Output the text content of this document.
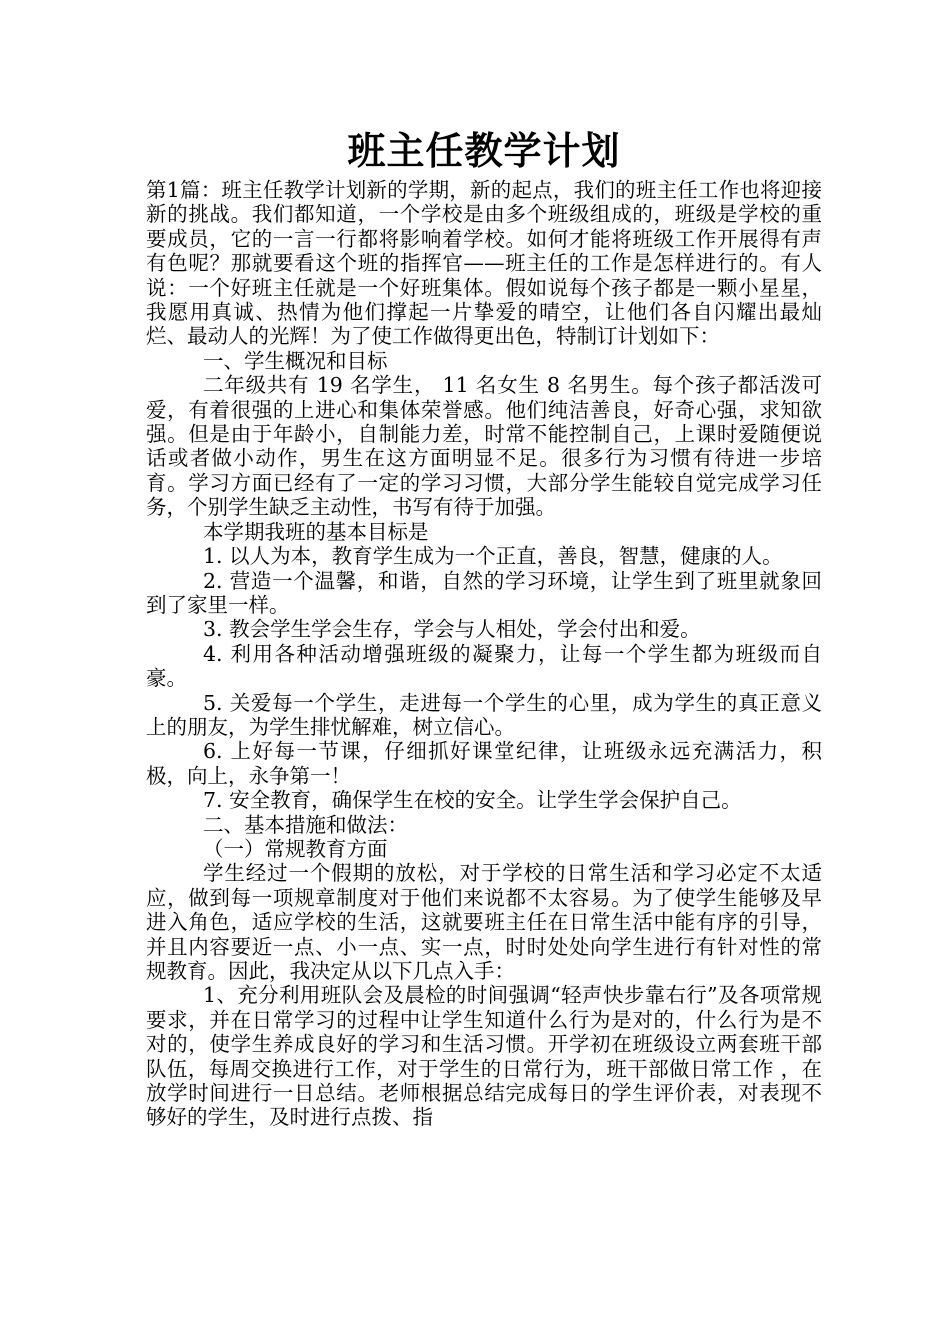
班主任教学计划

第1篇：班主任教学计划新的学期，新的起点，我们的班主任工作也将迎接新的挑战。我们都知道，一个学校是由多个班级组成的，班级是学校的重要成员，它的一言一行都将影响着学校。如何才能将班级工作开展得有声有色呢？那就要看这个班的指挥官——班主任的工作是怎样进行的。有人说：一个好班主任就是一个好班集体。假如说每个孩子都是一颗小星星，我愿用真诚、热情为他们撑起一片挚爱的晴空，让他们各自闪耀出最灿烂、最动人的光辉！为了使工作做得更出色，特制订计划如下：

一、学生概况和目标

二年级共有 19 名学生， 11 名女生 8 名男生。每个孩子都活泼可爱，有着很强的上进心和集体荣誉感。他们纯洁善良，好奇心强，求知欲强。但是由于年龄小，自制能力差，时常不能控制自己，上课时爱随便说话或者做小动作，男生在这方面明显不足。很多行为习惯有待进一步培育。学习方面已经有了一定的学习习惯，大部分学生能较自觉完成学习任务，个别学生缺乏主动性，书写有待于加强。

本学期我班的基本目标是

1. 以人为本，教育学生成为一个正直，善良，智慧，健康的人。

2. 营造一个温馨，和谐，自然的学习环境，让学生到了班里就象回到了家里一样。

3. 教会学生学会生存，学会与人相处，学会付出和爱。

4. 利用各种活动增强班级的凝聚力，让每一个学生都为班级而自豪。

5. 关爱每一个学生，走进每一个学生的心里，成为学生的真正意义上的朋友，为学生排忧解难，树立信心。

6. 上好每一节课，仔细抓好课堂纪律，让班级永远充满活力，积极，向上，永争第一！

7. 安全教育，确保学生在校的安全。让学生学会保护自己。

二、基本措施和做法：

（一）常规教育方面

学生经过一个假期的放松，对于学校的日常生活和学习必定不太适应，做到每一项规章制度对于他们来说都不太容易。为了使学生能够及早进入角色，适应学校的生活，这就要班主任在日常生活中能有序的引导，并且内容要近一点、小一点、实一点，时时处处向学生进行有针对性的常规教育。因此，我决定从以下几点入手：

1、充分利用班队会及晨检的时间强调“轻声快步靠右行”及各项常规要求，并在日常学习的过程中让学生知道什么行为是对的，什么行为是不对的，使学生养成良好的学习和生活习惯。开学初在班级设立两套班干部队伍，每周交换进行工作，对于学生的日常行为，班干部做日常工作 ，在放学时间进行一日总结。老师根据总结完成每日的学生评价表，对表现不够好的学生，及时进行点拨、指
